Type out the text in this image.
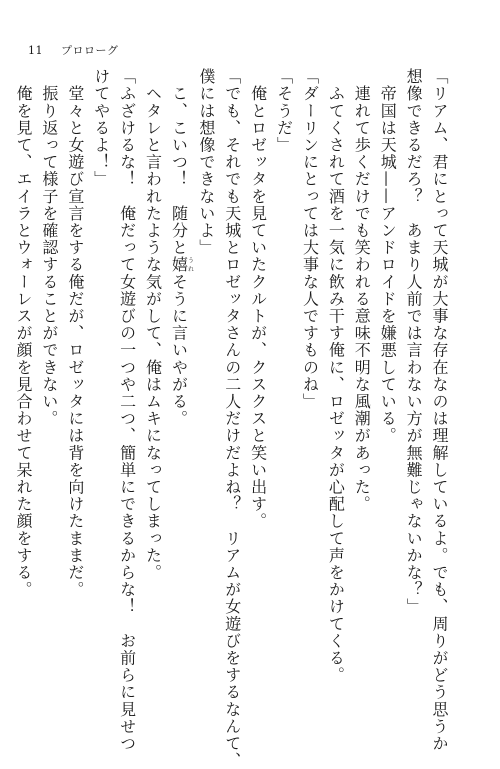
11 プロローグ
「リアム、君にとって天城が大事な存在なのは理解しているよ。でも、周りがどう思うか
想像できるだろ？　あまり人前では言わない方が無難じゃないかな？」
　帝国は天城——アンドロイドを嫌悪している。
　連れて歩くだけでも笑われる意味不明な風潮があった。
　ふてくされて酒を一気に飲み干す俺に、ロゼッタが心配して声をかけてくる。
「ダーリンにとっては大事な人ですものね」
「そうだ」
　俺とロゼッタを見ていたクルトが、クスクスと笑い出す。
「でも、それでも天城とロゼッタさんの二人だけだよね？　リアムが女遊びをするなんて、
僕には想像できないよ」
　こ、こいつ！　随分と嬉うれそうに言いやがる。
　ヘタレと言われたような気がして、俺はムキになってしまった。
「ふざけるな！　俺だって女遊びの一つや二つ、簡単にできるからな！　お前らに見せつ
けてやるよ！」
　堂々と女遊び宣言をする俺だが、ロゼッタには背を向けたままだ。
　振り返って様子を確認することができない。
　俺を見て、エイラとウォーレスが顔を見合わせて呆れた顔をする。
